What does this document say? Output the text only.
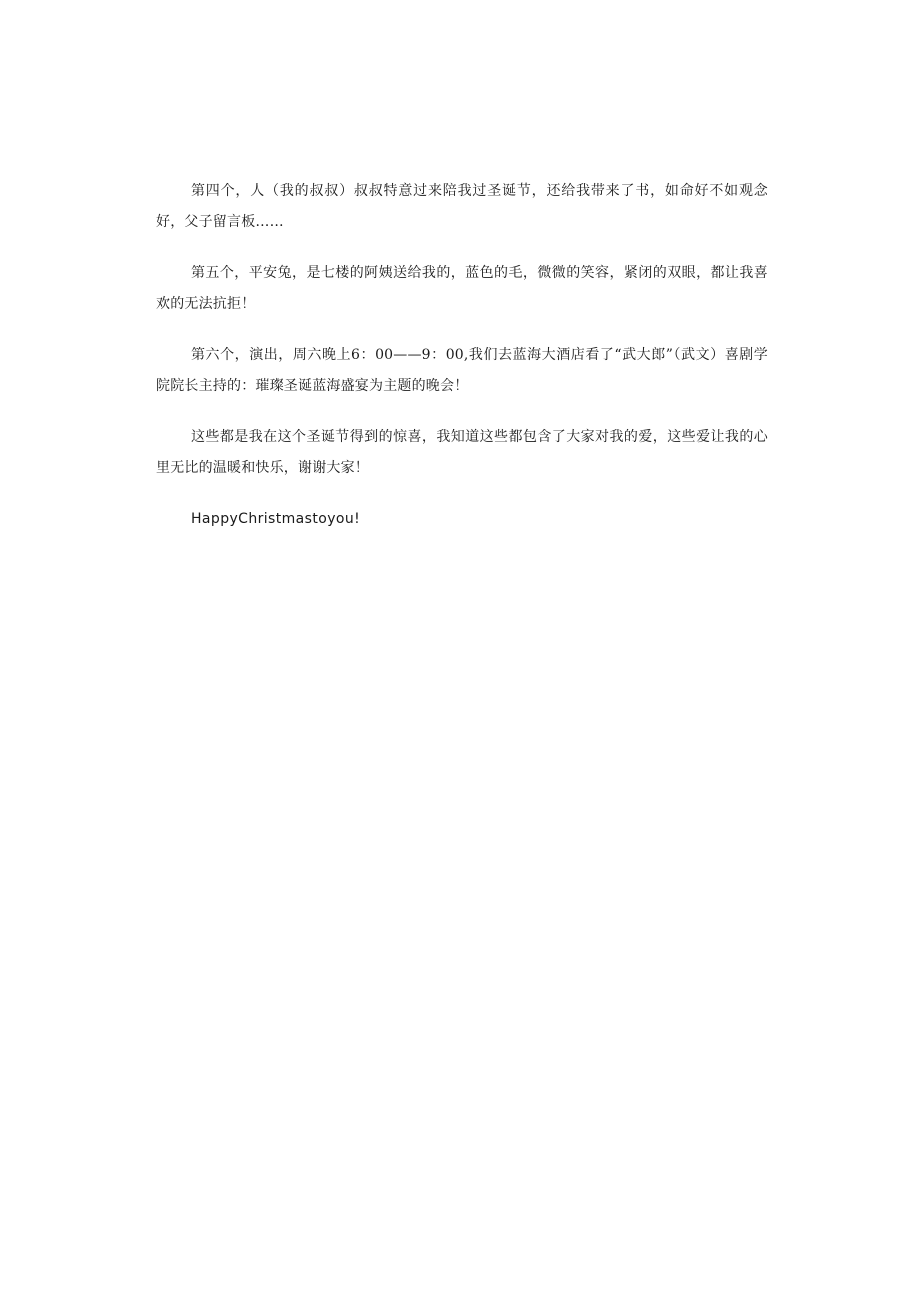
第四个，人（我的叔叔）叔叔特意过来陪我过圣诞节，还给我带来了书，如命好不如观念好，父子留言板……

第五个，平安兔，是七楼的阿姨送给我的，蓝色的毛，微微的笑容，紧闭的双眼，都让我喜欢的无法抗拒！

第六个，演出，周六晚上6：00——9：00,我们去蓝海大酒店看了“武大郎”（武文）喜剧学院院长主持的：璀璨圣诞蓝海盛宴为主题的晚会！

这些都是我在这个圣诞节得到的惊喜，我知道这些都包含了大家对我的爱，这些爱让我的心里无比的温暖和快乐，谢谢大家！

HappyChristmastoyou!
